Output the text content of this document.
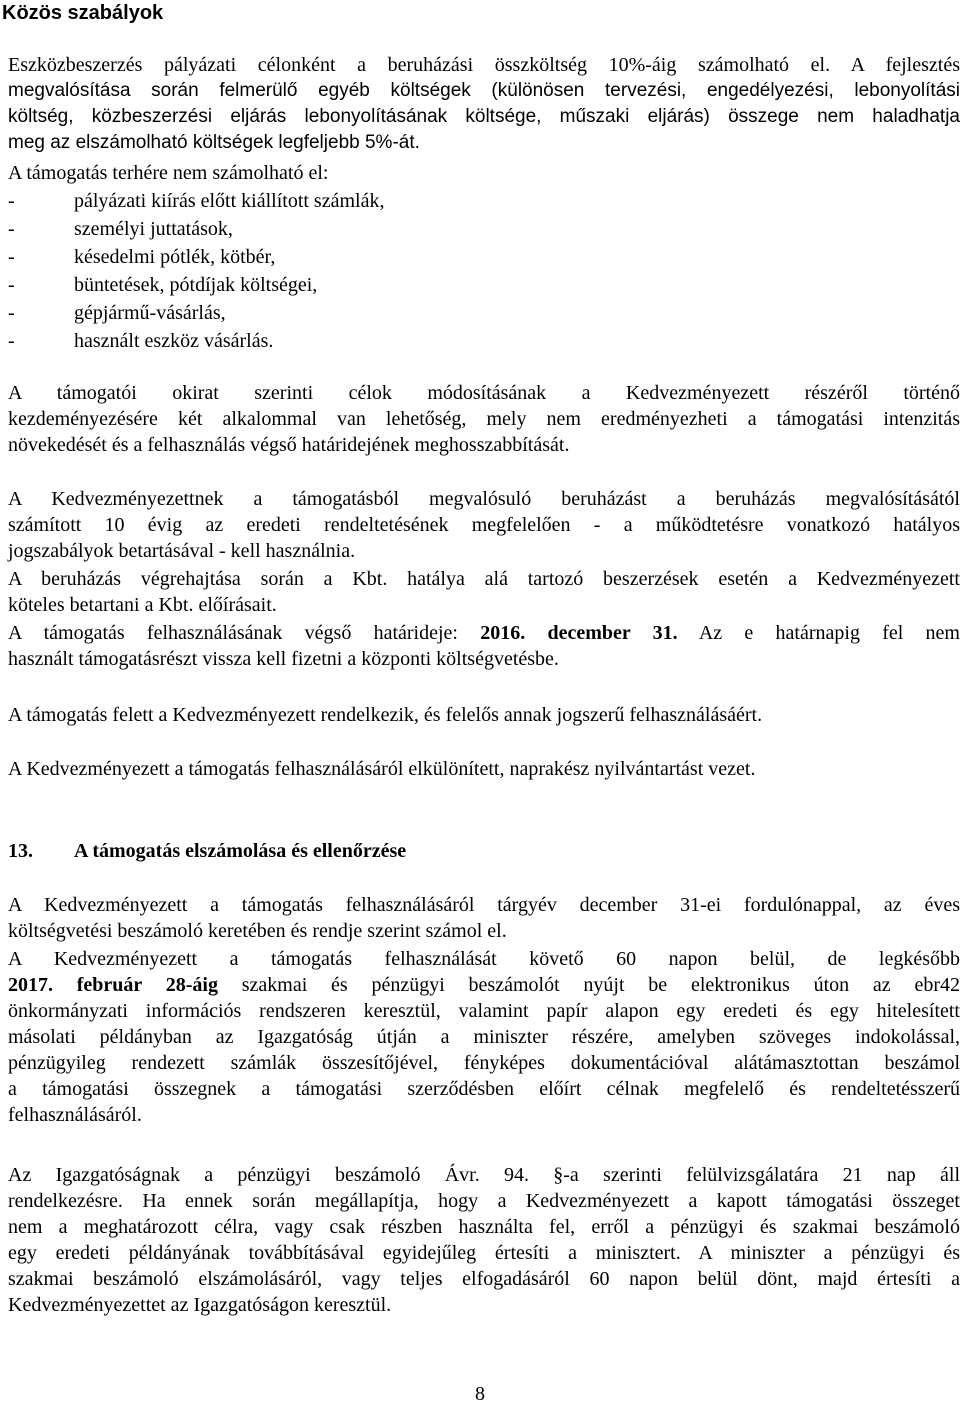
Közös szabályok
Eszközbeszerzés pályázati célonként a beruházási összköltség 10%-áig számolható el. A fejlesztés
megvalósítása során felmerülő egyéb költségek (különösen tervezési, engedélyezési, lebonyolítási
költség, közbeszerzési eljárás lebonyolításának költsége, műszaki eljárás) összege nem haladhatja
meg az elszámolható költségek legfeljebb 5%-át.
A támogatás terhére nem számolható el:
-	pályázati kiírás előtt kiállított számlák,
-	személyi juttatások,
-	késedelmi pótlék, kötbér,
-	büntetések, pótdíjak költségei,
-	gépjármű-vásárlás,
-	használt eszköz vásárlás.
A támogatói okirat szerinti célok módosításának a Kedvezményezett részéről történő
kezdeményezésére két alkalommal van lehetőség, mely nem eredményezheti a támogatási intenzitás
növekedését és a felhasználás végső határidejének meghosszabbítását.
A Kedvezményezettnek a támogatásból megvalósuló beruházást a beruházás megvalósításától
számított 10 évig az eredeti rendeltetésének megfelelően - a működtetésre vonatkozó hatályos
jogszabályok betartásával - kell használnia.
A beruházás végrehajtása során a Kbt. hatálya alá tartozó beszerzések esetén a Kedvezményezett
köteles betartani a Kbt. előírásait.
A támogatás felhasználásának végső határideje: 2016. december 31. Az e határnapig fel nem
használt támogatásrészt vissza kell fizetni a központi költségvetésbe.
A támogatás felett a Kedvezményezett rendelkezik, és felelős annak jogszerű felhasználásáért.
A Kedvezményezett a támogatás felhasználásáról elkülönített, naprakész nyilvántartást vezet.
13. A támogatás elszámolása és ellenőrzése
A Kedvezményezett a támogatás felhasználásáról tárgyév december 31-ei fordulónappal, az éves
költségvetési beszámoló keretében és rendje szerint számol el.
A Kedvezményezett a támogatás felhasználását követő 60 napon belül, de legkésőbb
2017. február 28-áig szakmai és pénzügyi beszámolót nyújt be elektronikus úton az ebr42
önkormányzati információs rendszeren keresztül, valamint papír alapon egy eredeti és egy hitelesített
másolati példányban az Igazgatóság útján a miniszter részére, amelyben szöveges indokolással,
pénzügyileg rendezett számlák összesítőjével, fényképes dokumentációval alátámasztottan beszámol
a támogatási összegnek a támogatási szerződésben előírt célnak megfelelő és rendeltetésszerű
felhasználásáról.
Az Igazgatóságnak a pénzügyi beszámoló Ávr. 94. §-a szerinti felülvizsgálatára 21 nap áll
rendelkezésre. Ha ennek során megállapítja, hogy a Kedvezményezett a kapott támogatási összeget
nem a meghatározott célra, vagy csak részben használta fel, erről a pénzügyi és szakmai beszámoló
egy eredeti példányának továbbításával egyidejűleg értesíti a minisztert. A miniszter a pénzügyi és
szakmai beszámoló elszámolásáról, vagy teljes elfogadásáról 60 napon belül dönt, majd értesíti a
Kedvezményezettet az Igazgatóságon keresztül.
8
